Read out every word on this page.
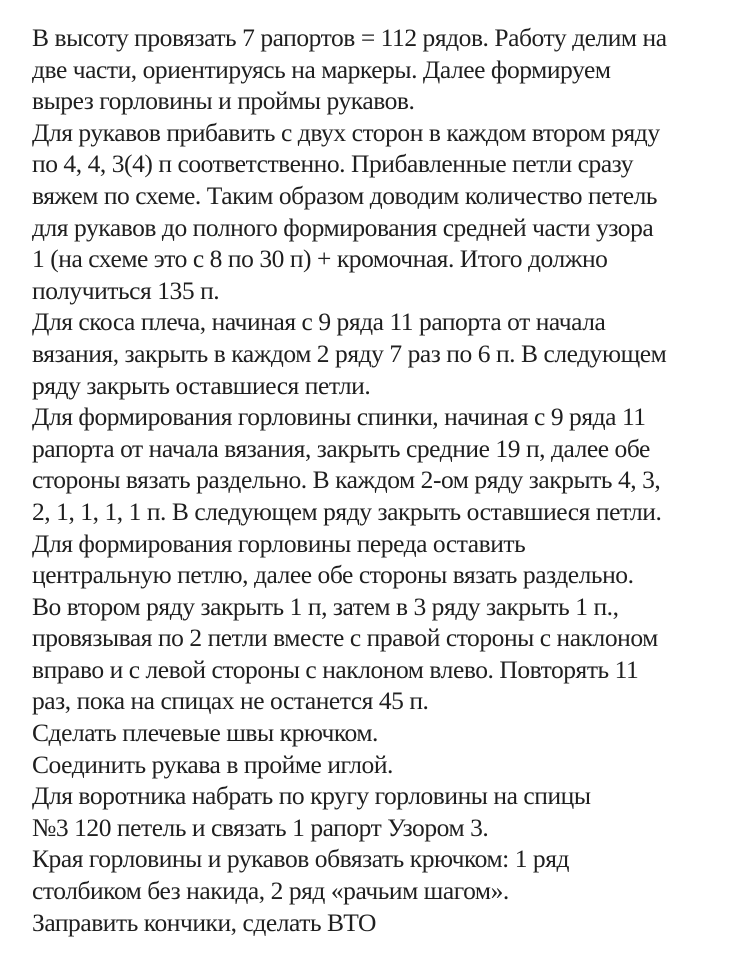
В высоту провязать 7 рапортов = 112 рядов. Работу делим на
две части, ориентируясь на маркеры. Далее формируем
вырез горловины и проймы рукавов.
Для рукавов прибавить с двух сторон в каждом втором ряду
по 4, 4, 3(4) п соответственно. Прибавленные петли сразу
вяжем по схеме. Таким образом доводим количество петель
для рукавов до полного формирования средней части узора
1 (на схеме это с 8 по 30 п) + кромочная. Итого должно
получиться 135 п.
Для скоса плеча, начиная с 9 ряда 11 рапорта от начала
вязания, закрыть в каждом 2 ряду 7 раз по 6 п. В следующем
ряду закрыть оставшиеся петли.
Для формирования горловины спинки, начиная с 9 ряда 11
рапорта от начала вязания, закрыть средние 19 п, далее обе
стороны вязать раздельно. В каждом 2-ом ряду закрыть 4, 3,
2, 1, 1, 1, 1 п. В следующем ряду закрыть оставшиеся петли.
Для формирования горловины переда оставить
центральную петлю, далее обе стороны вязать раздельно.
Во втором ряду закрыть 1 п, затем в 3 ряду закрыть 1 п.,
провязывая по 2 петли вместе с правой стороны с наклоном
вправо и с левой стороны с наклоном влево. Повторять 11
раз, пока на спицах не останется 45 п.
Сделать плечевые швы крючком.
Соединить рукава в пройме иглой.
Для воротника набрать по кругу горловины на спицы
№3 120 петель и связать 1 рапорт Узором 3.
Края горловины и рукавов обвязать крючком: 1 ряд
столбиком без накида, 2 ряд «рачьим шагом».
Заправить кончики, сделать ВТО
